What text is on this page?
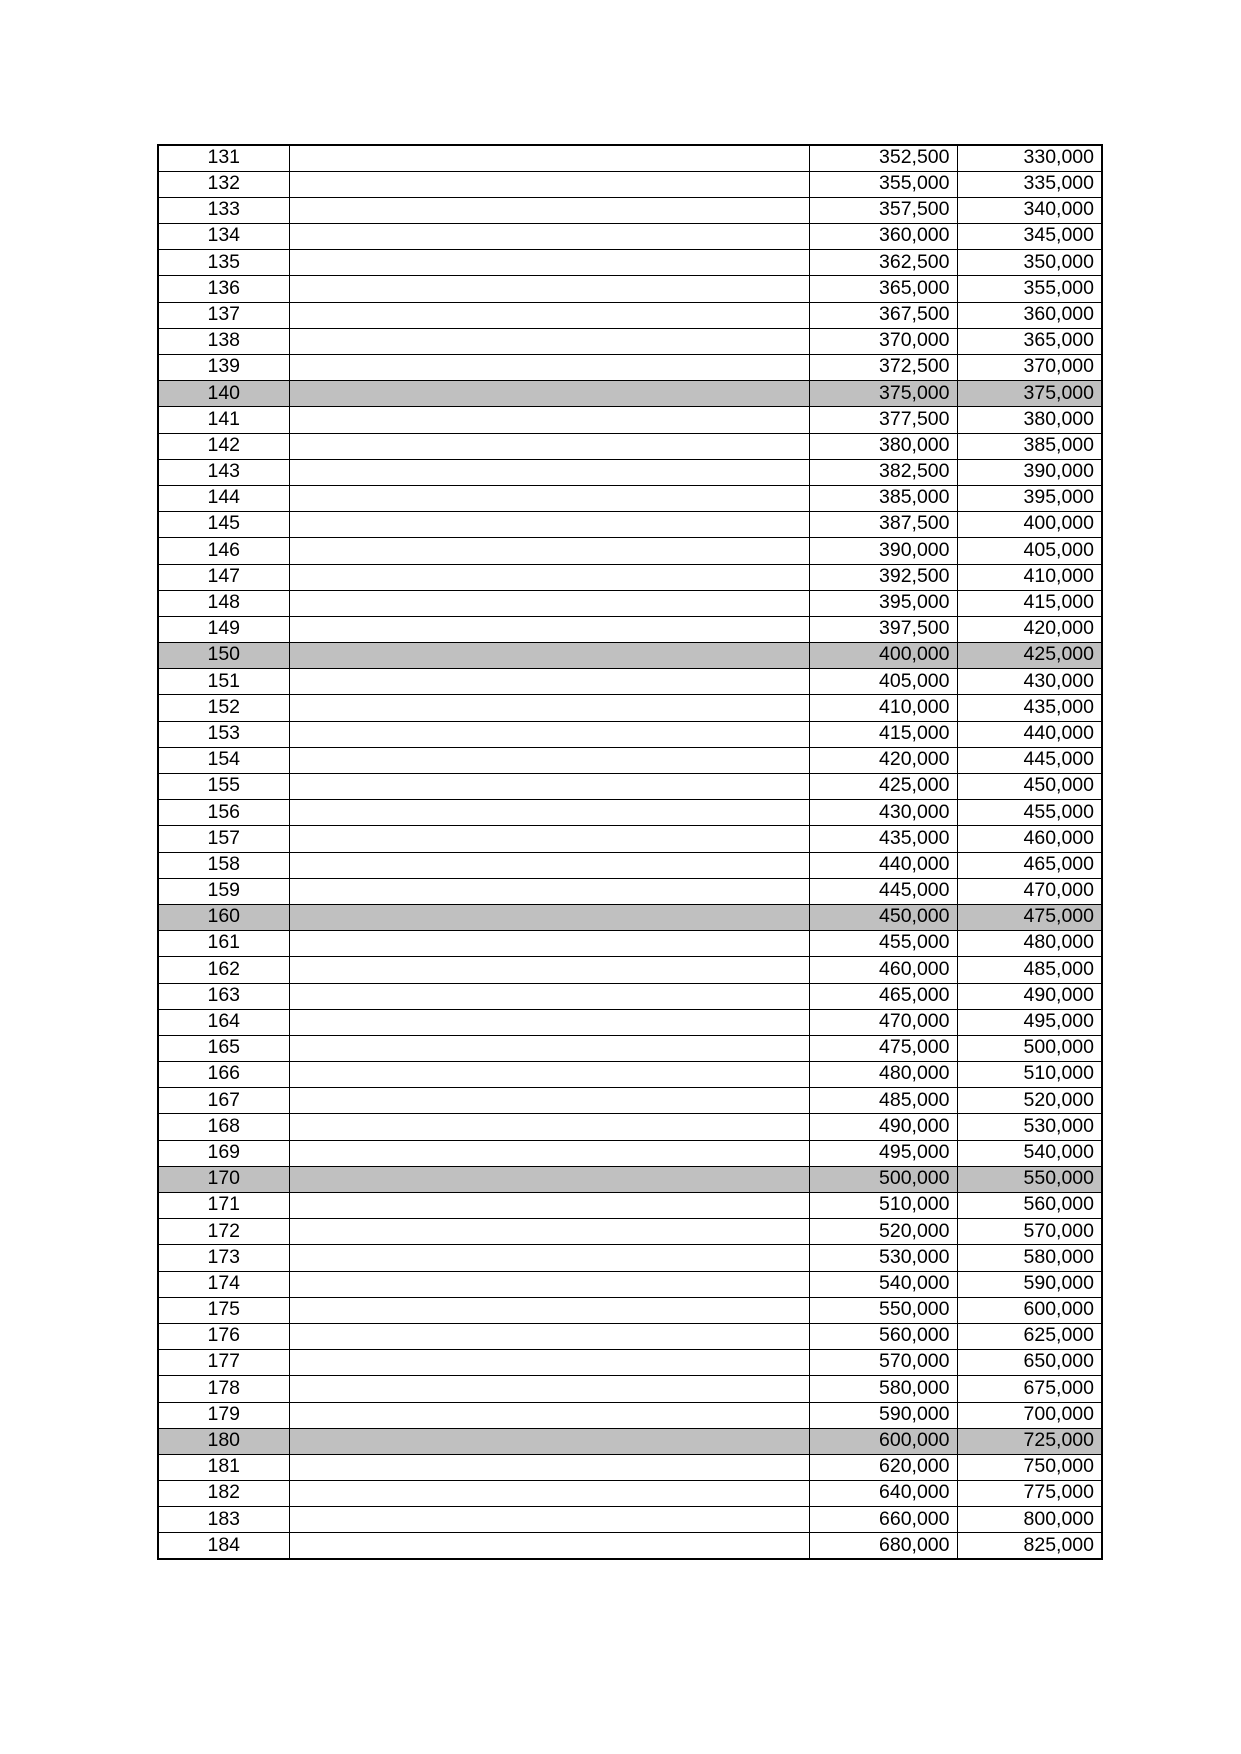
131		352,500	330,000
132		355,000	335,000
133		357,500	340,000
134		360,000	345,000
135		362,500	350,000
136		365,000	355,000
137		367,500	360,000
138		370,000	365,000
139		372,500	370,000
140		375,000	375,000
141		377,500	380,000
142		380,000	385,000
143		382,500	390,000
144		385,000	395,000
145		387,500	400,000
146		390,000	405,000
147		392,500	410,000
148		395,000	415,000
149		397,500	420,000
150		400,000	425,000
151		405,000	430,000
152		410,000	435,000
153		415,000	440,000
154		420,000	445,000
155		425,000	450,000
156		430,000	455,000
157		435,000	460,000
158		440,000	465,000
159		445,000	470,000
160		450,000	475,000
161		455,000	480,000
162		460,000	485,000
163		465,000	490,000
164		470,000	495,000
165		475,000	500,000
166		480,000	510,000
167		485,000	520,000
168		490,000	530,000
169		495,000	540,000
170		500,000	550,000
171		510,000	560,000
172		520,000	570,000
173		530,000	580,000
174		540,000	590,000
175		550,000	600,000
176		560,000	625,000
177		570,000	650,000
178		580,000	675,000
179		590,000	700,000
180		600,000	725,000
181		620,000	750,000
182		640,000	775,000
183		660,000	800,000
184		680,000	825,000
